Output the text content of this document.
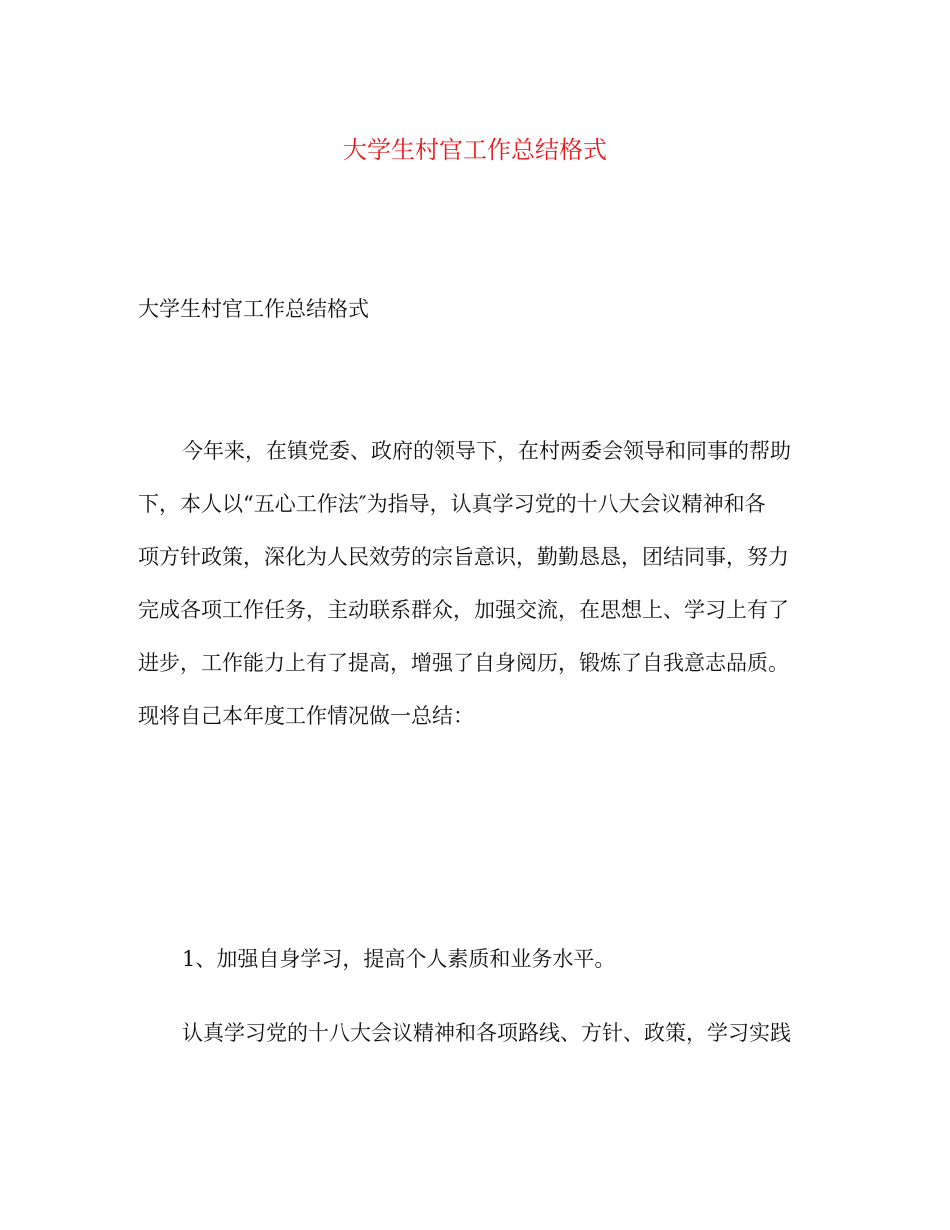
大学生村官工作总结格式
大学生村官工作总结格式
今年来，在镇党委、政府的领导下，在村两委会领导和同事的帮助
下，本人以“五心工作法″为指导，认真学习党的十八大会议精神和各
项方针政策，深化为人民效劳的宗旨意识，勤勤恳恳，团结同事，努力
完成各项工作任务，主动联系群众，加强交流，在思想上、学习上有了
进步，工作能力上有了提高，增强了自身阅历，锻炼了自我意志品质。
现将自己本年度工作情况做一总结：
1、加强自身学习，提高个人素质和业务水平。
认真学习党的十八大会议精神和各项路线、方针、政策，学习实践
